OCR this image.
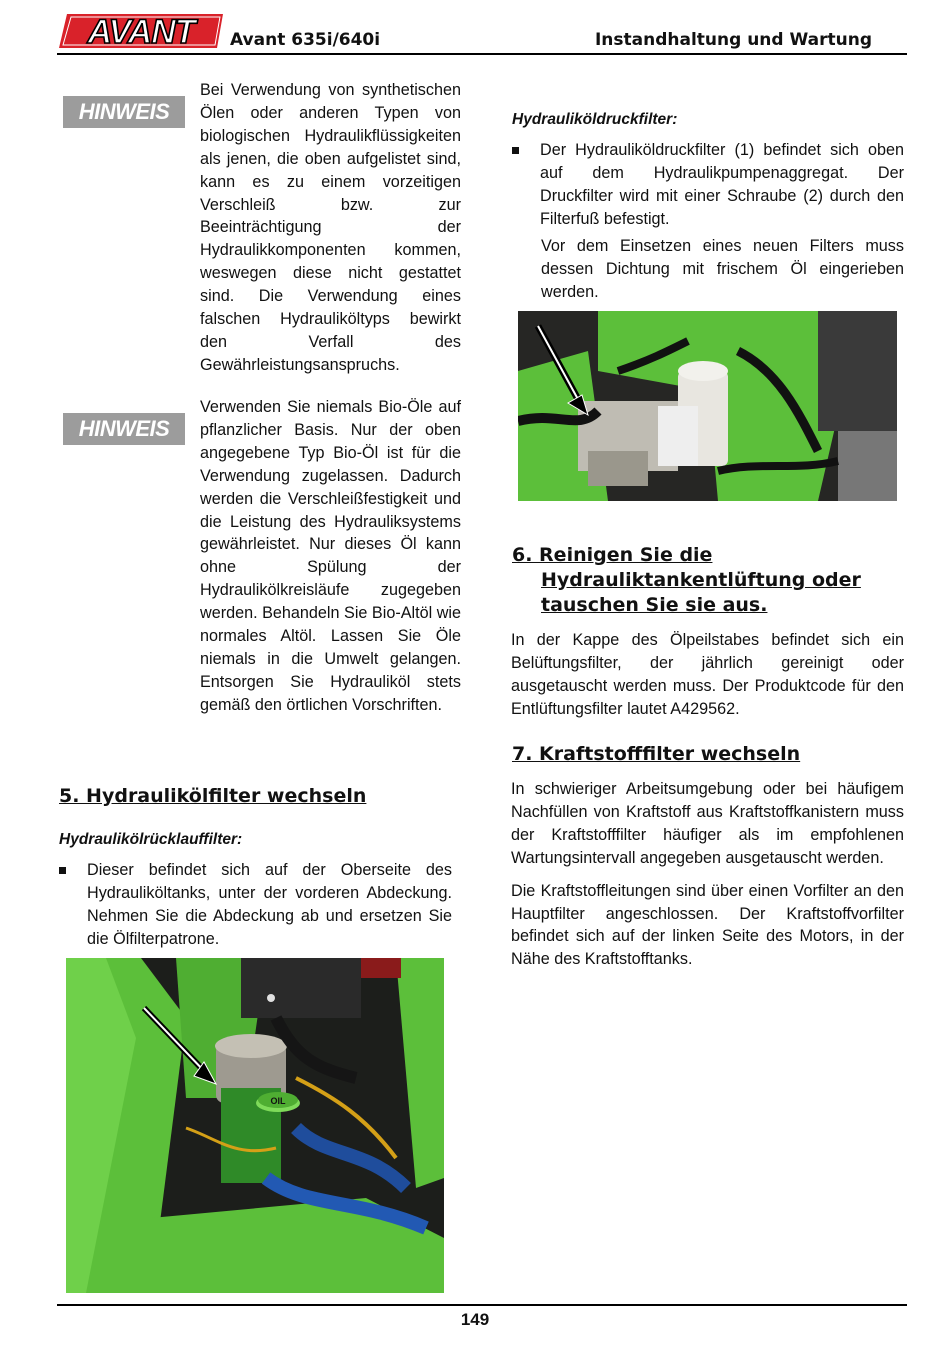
AVANT Avant 635i/640i	Instandhaltung und Wartung
HINWEIS

Bei Verwendung von synthetischen Ölen oder anderen Typen von biologischen Hydraulikflüssigkeiten als jenen, die oben aufgelistet sind, kann es zu einem vorzeitigen Verschleiß bzw. zur Beeinträchtigung der Hydraulikkomponenten kommen, weswegen diese nicht gestattet sind. Die Verwendung eines falschen Hydrauliköltyps bewirkt den Verfall des Gewährleistungsanspruchs.

HINWEIS

Verwenden Sie niemals Bio-Öle auf pflanzlicher Basis. Nur der oben angegebene Typ Bio-Öl ist für die Verwendung zugelassen. Dadurch werden die Verschleißfestigkeit und die Leistung des Hydrauliksystems gewährleistet. Nur dieses Öl kann ohne Spülung der Hydraulikölkreisläufe zugegeben werden. Behandeln Sie Bio-Altöl wie normales Altöl. Lassen Sie Öle niemals in die Umwelt gelangen. Entsorgen Sie Hydrauliköl stets gemäß den örtlichen Vorschriften.

5. Hydraulikölfilter wechseln
Hydraulikölrücklauffilter:
Dieser befindet sich auf der Oberseite des Hydrauliköltanks, unter der vorderen Abdeckung. Nehmen Sie die Abdeckung ab und ersetzen Sie die Ölfilterpatrone.
OIL
Hydrauliköldruckfilter:
Der Hydrauliköldruckfilter (1) befindet sich oben auf dem Hydraulikpumpenaggregat. Der Druckfilter wird mit einer Schraube (2) durch den Filterfuß befestigt.

Vor dem Einsetzen eines neuen Filters muss dessen Dichtung mit frischem Öl eingerieben werden.

6. Reinigen Sie die
Hydrauliktankentlüftung oder
tauschen Sie sie aus.

In der Kappe des Ölpeilstabes befindet sich ein Belüftungsfilter, der jährlich gereinigt oder ausgetauscht werden muss. Der Produktcode für den Entlüftungsfilter lautet A429562.

7. Kraftstofffilter wechseln

In schwieriger Arbeitsumgebung oder bei häufigem Nachfüllen von Kraftstoff aus Kraftstoffkanistern muss der Kraftstofffilter häufiger als im empfohlenen Wartungsintervall angegeben ausgetauscht werden.

Die Kraftstoffleitungen sind über einen Vorfilter an den Hauptfilter angeschlossen. Der Kraftstoffvorfilter befindet sich auf der linken Seite des Motors, in der Nähe des Kraftstofftanks.

149
